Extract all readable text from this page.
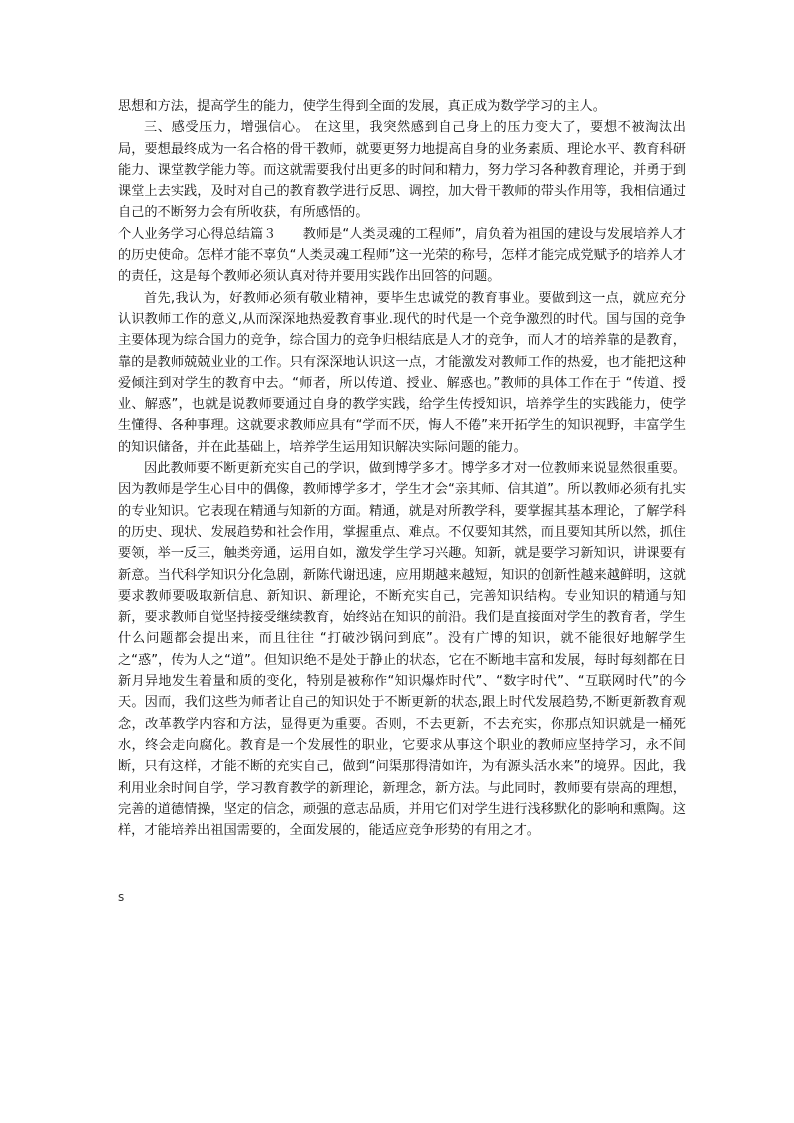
思想和方法，提高学生的能力，使学生得到全面的发展，真正成为数学学习的主人。

三、感受压力，增强信心。 在这里，我突然感到自己身上的压力变大了，要想不被淘汰出局，要想最终成为一名合格的骨干教师，就要更努力地提高自身的业务素质、理论水平、教育科研能力、课堂教学能力等。而这就需要我付出更多的时间和精力，努力学习各种教育理论，并勇于到课堂上去实践，及时对自己的教育教学进行反思、调控，加大骨干教师的带头作用等，我相信通过自己的不断努力会有所收获，有所感悟的。

个人业务学习心得总结篇３　　教师是“人类灵魂的工程师”，肩负着为祖国的建设与发展培养人才的历史使命。怎样才能不辜负“人类灵魂工程师”这一光荣的称号，怎样才能完成党赋予的培养人才的责任，这是每个教师必须认真对待并要用实践作出回答的问题。

首先,我认为，好教师必须有敬业精神，要毕生忠诚党的教育事业。要做到这一点，就应充分认识教师工作的意义,从而深深地热爱教育事业.现代的时代是一个竞争激烈的时代。国与国的竞争主要体现为综合国力的竞争，综合国力的竞争归根结底是人才的竞争，而人才的培养靠的是教育，靠的是教师兢兢业业的工作。只有深深地认识这一点，才能激发对教师工作的热爱，也才能把这种爱倾注到对学生的教育中去。“师者，所以传道、授业、解惑也。”教师的具体工作在于 “传道、授业、解惑”，也就是说教师要通过自身的教学实践，给学生传授知识，培养学生的实践能力，使学生懂得、各种事理。这就要求教师应具有“学而不厌，悔人不倦”来开拓学生的知识视野，丰富学生的知识储备，并在此基础上，培养学生运用知识解决实际问题的能力。

因此教师要不断更新充实自己的学识，做到博学多才。博学多才对一位教师来说显然很重要。因为教师是学生心目中的偶像，教师博学多才，学生才会“亲其师、信其道”。所以教师必须有扎实的专业知识。它表现在精通与知新的方面。精通，就是对所教学科，要掌握其基本理论，了解学科的历史、现状、发展趋势和社会作用，掌握重点、难点。不仅要知其然，而且要知其所以然，抓住要领，举一反三，触类旁通，运用自如，激发学生学习兴趣。知新，就是要学习新知识，讲课要有新意。当代科学知识分化急剧，新陈代谢迅速，应用期越来越短，知识的创新性越来越鲜明，这就要求教师要吸取新信息、新知识、新理论，不断充实自己，完善知识结构。专业知识的精通与知新，要求教师自觉坚持接受继续教育，始终站在知识的前沿。我们是直接面对学生的教育者，学生什么问题都会提出来，而且往往 “打破沙锅问到底”。没有广博的知识，就不能很好地解学生之“惑”，传为人之“道”。但知识绝不是处于静止的状态，它在不断地丰富和发展，每时每刻都在日新月异地发生着量和质的变化，特别是被称作“知识爆炸时代”、“数字时代”、“互联网时代”的今天。因而，我们这些为师者让自己的知识处于不断更新的状态,跟上时代发展趋势,不断更新教育观念，改革教学内容和方法，显得更为重要。否则，不去更新，不去充实，你那点知识就是一桶死水，终会走向腐化。教育是一个发展性的职业，它要求从事这个职业的教师应坚持学习，永不间断，只有这样，才能不断的充实自己，做到“问渠那得清如许，为有源头活水来”的境界。因此，我利用业余时间自学，学习教育教学的新理论，新理念，新方法。与此同时，教师要有崇高的理想，完善的道德情操，坚定的信念，顽强的意志品质，并用它们对学生进行浅移默化的影响和熏陶。这样，才能培养出祖国需要的，全面发展的，能适应竞争形势的有用之才。

s
